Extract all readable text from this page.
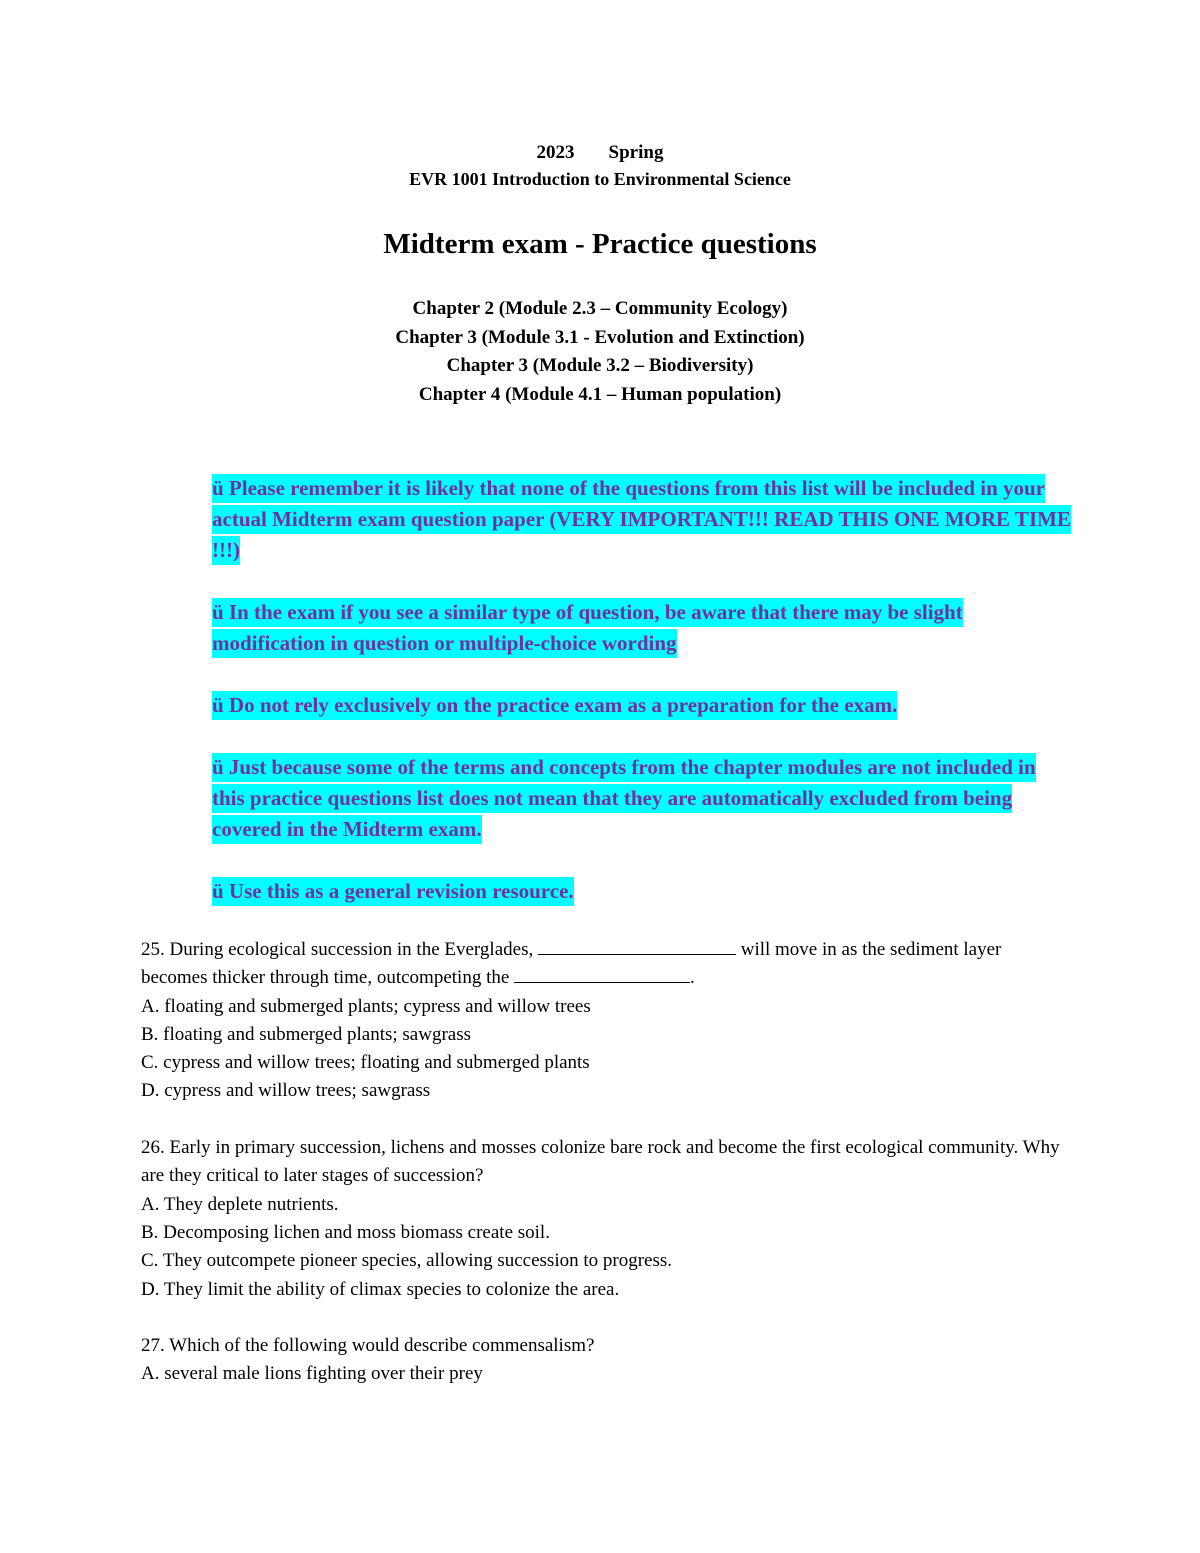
2023 Spring
EVR 1001 Introduction to Environmental Science
Midterm exam - Practice questions
Chapter 2 (Module 2.3 – Community Ecology)
Chapter 3 (Module 3.1 - Evolution and Extinction)
Chapter 3 (Module 3.2 – Biodiversity)
Chapter 4 (Module 4.1 – Human population)

ü Please remember it is likely that none of the questions from this list will be included in your actual Midterm exam question paper (VERY IMPORTANT!!! READ THIS ONE MORE TIME !!!)

ü In the exam if you see a similar type of question, be aware that there may be slight modification in question or multiple-choice wording

ü Do not rely exclusively on the practice exam as a preparation for the exam.

ü Just because some of the terms and concepts from the chapter modules are not included in this practice questions list does not mean that they are automatically excluded from being covered in the Midterm exam.

ü Use this as a general revision resource.

25. During ecological succession in the Everglades,	will move in as the sediment layer becomes thicker through time, outcompeting the	.

A. floating and submerged plants; cypress and willow trees

B. floating and submerged plants; sawgrass

C. cypress and willow trees; floating and submerged plants

D. cypress and willow trees; sawgrass

26. Early in primary succession, lichens and mosses colonize bare rock and become the first ecological community. Why are they critical to later stages of succession?

A. They deplete nutrients.

B. Decomposing lichen and moss biomass create soil.

C. They outcompete pioneer species, allowing succession to progress.

D. They limit the ability of climax species to colonize the area.

27. Which of the following would describe commensalism?

A. several male lions fighting over their prey
